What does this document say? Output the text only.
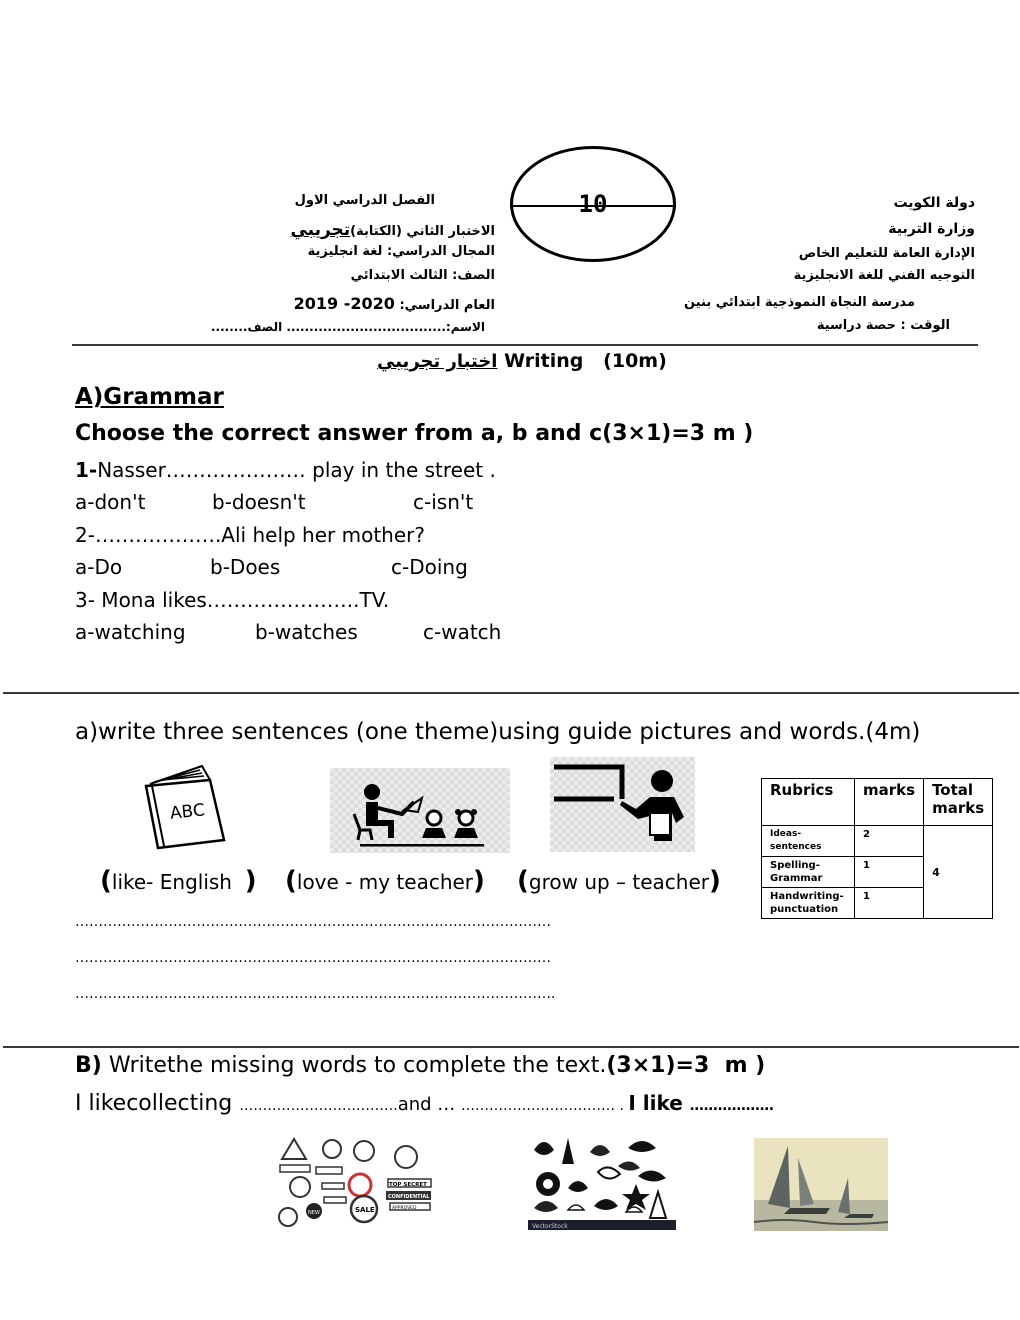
دولة الكويت
وزارة التربية
الإدارة العامة للتعليم الخاص
التوجيه الفني للغة الانجليزية
مدرسة النجاة النموذجية ابتدائي بنين
الوقت : حصة دراسية
الفصل الدراسي الاول
الاختبار الثاني (الكتابة)تجريبي
المجال الدراسي: لغة انجليزية
الصف: الثالث الابتدائي
العام الدراسي: 2019 -2020
الاسم:................................... الصف........
10
اختبار تجريبي Writing   (10m)
A)Grammar
Choose the correct answer from a, b and c(3×1)=3 m )
1-Nasser………………… play in the street .
a-don't	b-doesn't	c-isn't
2-……………….Ali help her mother?
a-Do	b-Does	c-Doing
3- Mona likes…………………..TV.
a-watching	b-watches	c-watch
a)write three sentences (one theme)using guide pictures and words.(4m)
ABC
(like- English  ) (love - my teacher) (grow up – teacher)
…………………………………………………………………………………………
…………………………………………………………………………………………
………………………………………………………………………………………….
Rubrics	marks	Total marks
Ideas-sentences	2	4
Spelling-Grammar	1	
Handwriting-punctuation	1	
B) Writethe missing words to complete the text.(3×1)=3  m )
I likecollecting …………………………….and … …………………………… . I like ………………
TOP SECRET
CONFIDENTIAL
SALE	APPROVED
NEW
VectorStock
